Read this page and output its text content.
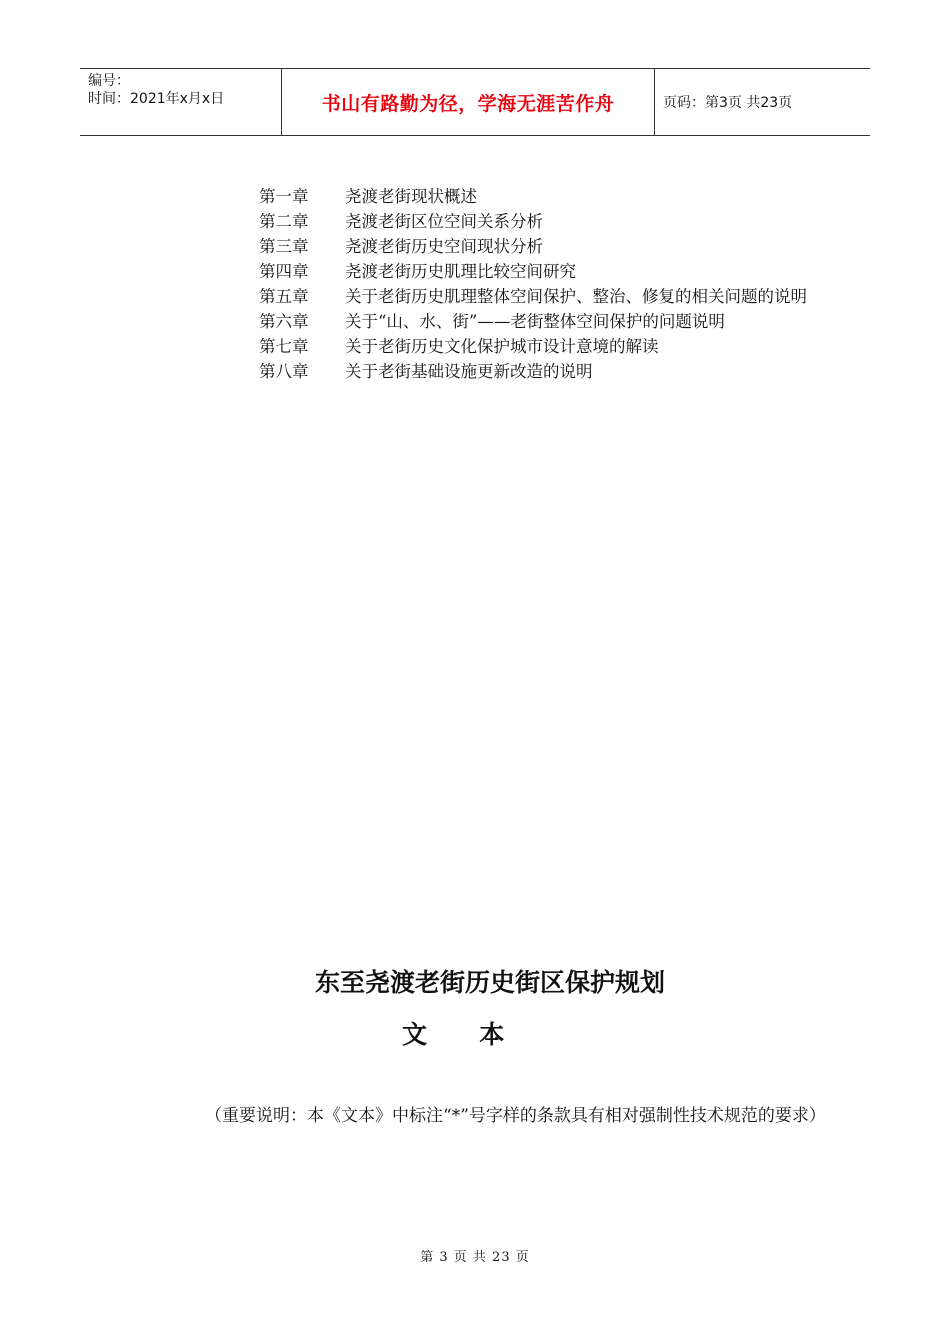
编号：
时间：2021年x月x日	书山有路勤为径，学海无涯苦作舟	页码：第3页 共23页
第一章	尧渡老街现状概述
第二章	尧渡老街区位空间关系分析
第三章	尧渡老街历史空间现状分析
第四章	尧渡老街历史肌理比较空间研究
第五章	关于老街历史肌理整体空间保护、整治、修复的相关问题的说明
第六章	关于“山、水、街”——老街整体空间保护的问题说明
第七章	关于老街历史文化保护城市设计意境的解读
第八章	关于老街基础设施更新改造的说明
东至尧渡老街历史街区保护规划
文      本
（重要说明：本《文本》中标注“*”号字样的条款具有相对强制性技术规范的要求）
第 3 页 共 23 页
